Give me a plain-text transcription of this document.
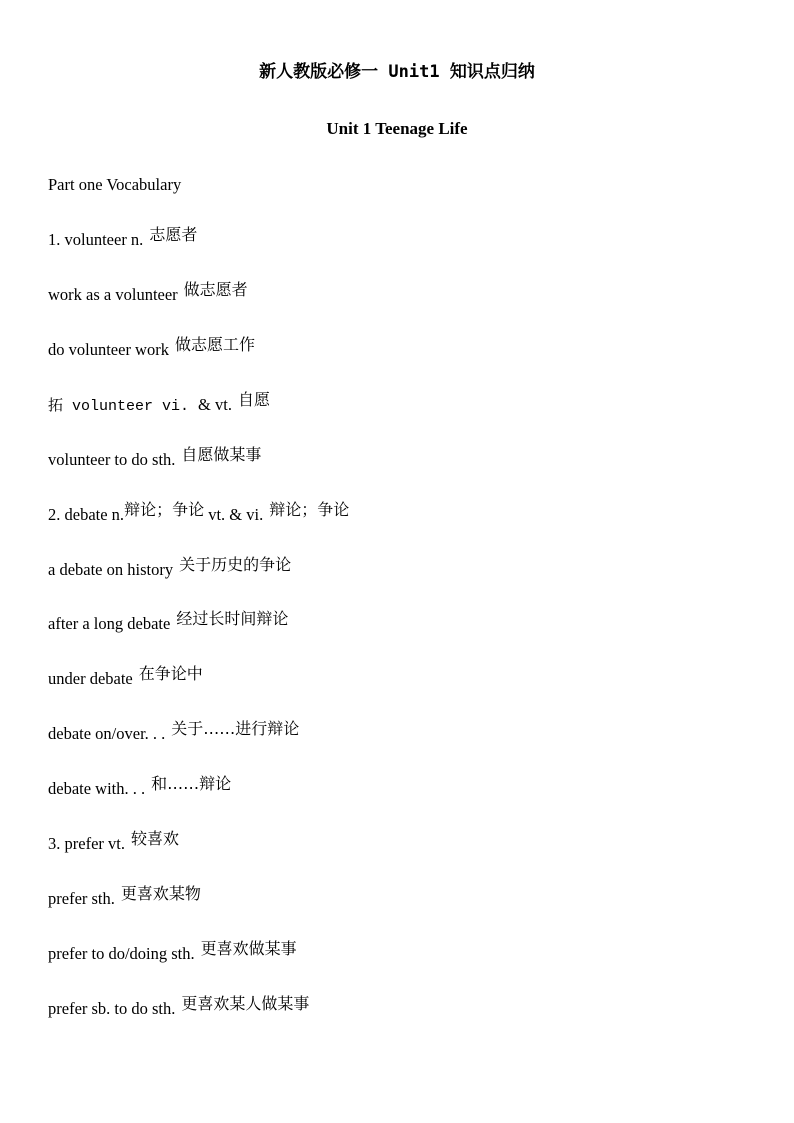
新人教版必修一 Unit1 知识点归纳
Unit 1 Teenage Life
Part one Vocabulary
1. volunteer n. 志愿者
work as a volunteer 做志愿者
do volunteer work 做志愿工作
拓 volunteer vi. & vt. 自愿
volunteer to do sth. 自愿做某事
2. debate n.辩论；争论 vt. & vi. 辩论；争论
a debate on history 关于历史的争论
after a long debate 经过长时间辩论
under debate 在争论中
debate on/over. . . 关于……进行辩论
debate with. . . 和……辩论
3. prefer vt. 较喜欢
prefer sth. 更喜欢某物
prefer to do/doing sth. 更喜欢做某事
prefer sb. to do sth. 更喜欢某人做某事
